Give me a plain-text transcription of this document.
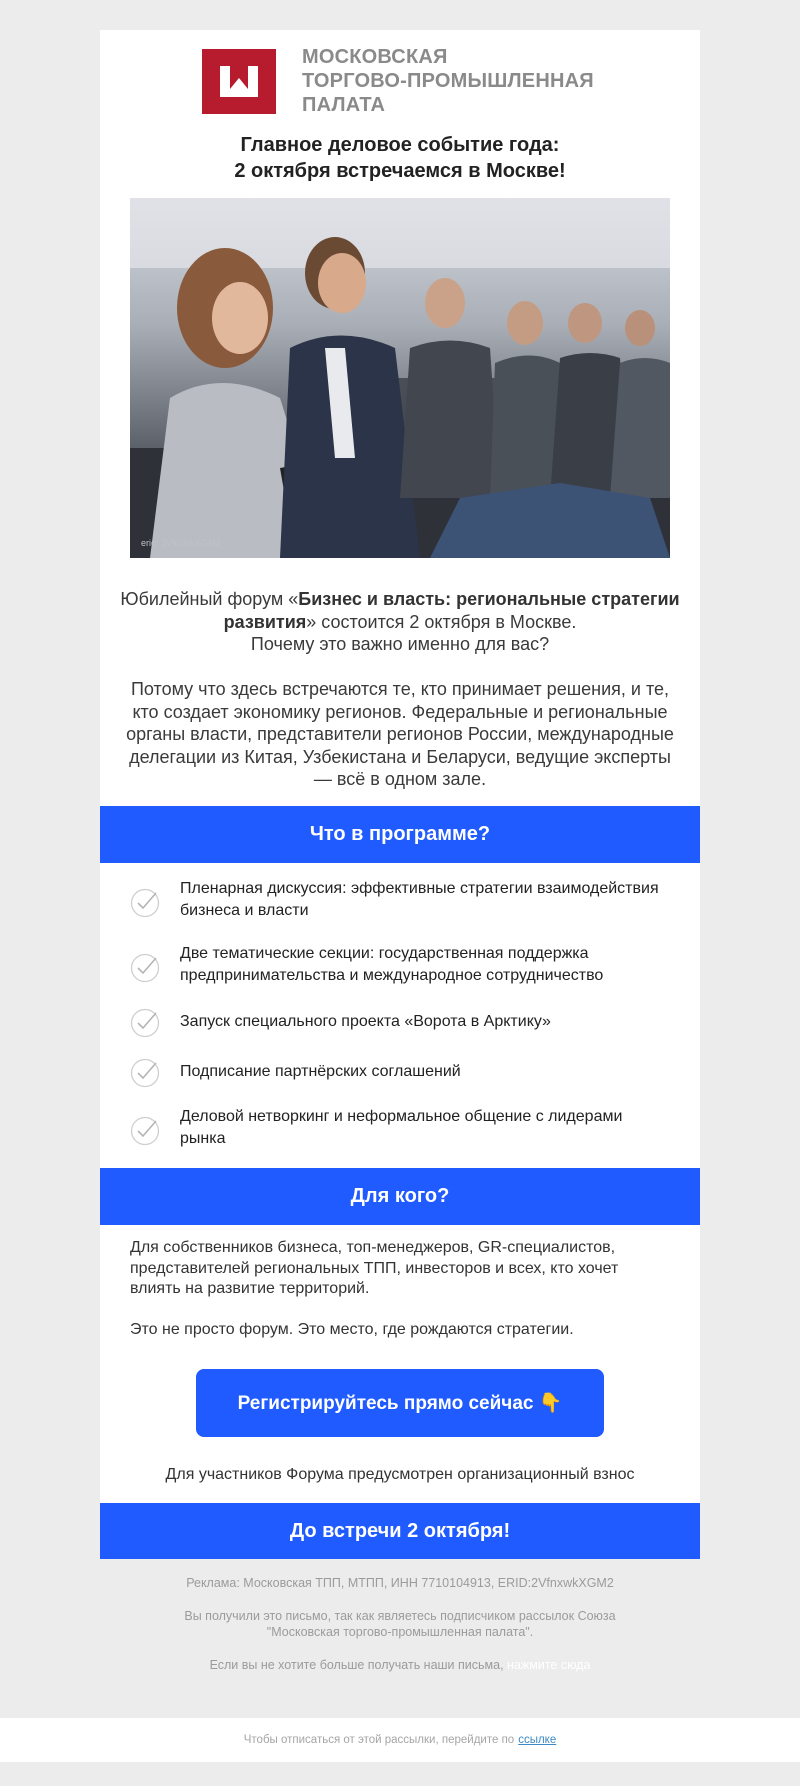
МОСКОВСКАЯ
ТОРГОВО-ПРОМЫШЛЕННАЯ
ПАЛАТА
Главное деловое событие года:
2 октября встречаемся в Москве!
erid: 2VfnxwkXGM2
Юбилейный форум «Бизнес и власть: региональные стратегии развития» состоится 2 октября в Москве.
Почему это важно именно для вас?
Потому что здесь встречаются те, кто принимает решения, и те, кто создает экономику регионов. Федеральные и региональные органы власти, представители регионов России, международные делегации из Китая, Узбекистана и Беларуси, ведущие эксперты — всё в одном зале.
Что в программе?
Пленарная дискуссия: эффективные стратегии взаимодействия бизнеса и власти
Две тематические секции: государственная поддержка предпринимательства и международное сотрудничество
Запуск специального проекта «Ворота в Арктику»
Подписание партнёрских соглашений
Деловой нетворкинг и неформальное общение с лидерами рынка
Для кого?
Для собственников бизнеса, топ-менеджеров, GR-специалистов, представителей региональных ТПП, инвесторов и всех, кто хочет влиять на развитие территорий.
Это не просто форум. Это место, где рождаются стратегии.
Регистрируйтесь прямо сейчас 👇
Для участников Форума предусмотрен организационный взнос
До встречи 2 октября!

Реклама: Московская ТПП, МТПП, ИНН 7710104913, ERID:2VfnxwkXGM2

Вы получили это письмо, так как являетесь подписчиком рассылок Союза "Московская торгово-промышленная палата".

Если вы не хотите больше получать наши письма, нажмите сюда

Чтобы отписаться от этой рассылки, перейдите по ссылке
